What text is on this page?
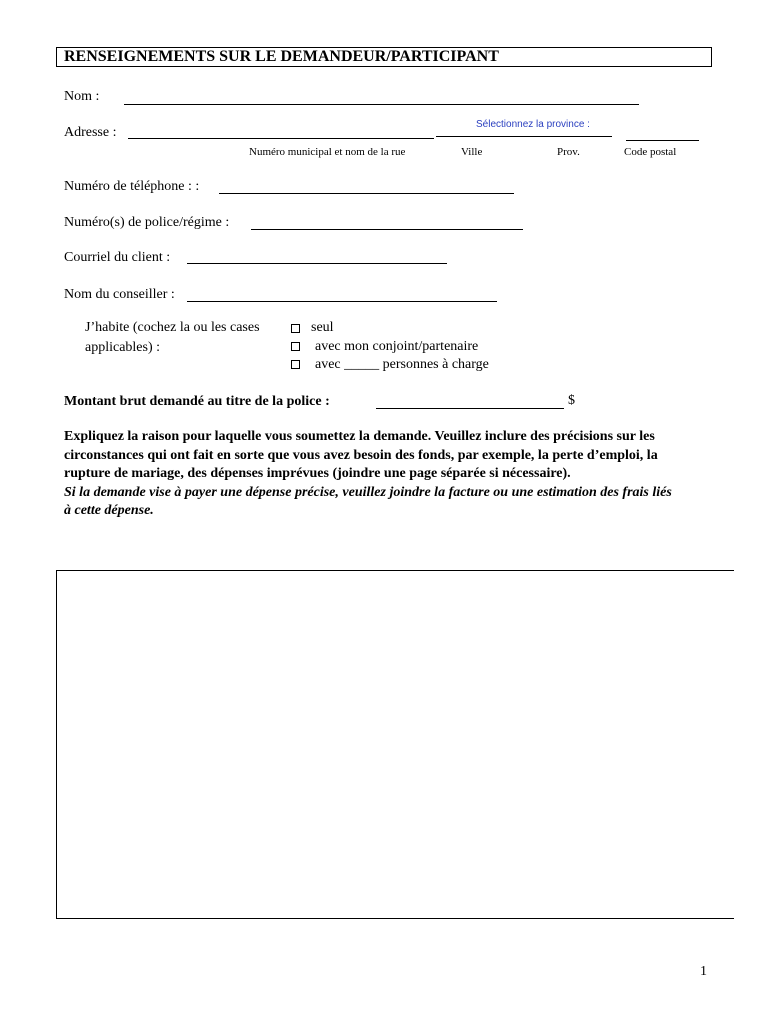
RENSEIGNEMENTS SUR LE DEMANDEUR/PARTICIPANT
Nom :
Adresse :
Sélectionnez la province :
Numéro municipal et nom de la rue	Ville	Prov.	Code postal
Numéro de téléphone : :
Numéro(s) de police/régime :
Courriel du client :
Nom du conseiller :
J’habite (cochez la ou les cases
applicables) :
seul
avec mon conjoint/partenaire
avec _____ personnes à charge
Montant brut demandé au titre de la police :	$
Expliquez la raison pour laquelle vous soumettez la demande. Veuillez inclure des précisions sur les circonstances qui ont fait en sorte que vous avez besoin des fonds, par exemple, la perte d’emploi, la rupture de mariage, des dépenses imprévues (joindre une page séparée si nécessaire).
Si la demande vise à payer une dépense précise, veuillez joindre la facture ou une estimation des frais liés à cette dépense.
1
